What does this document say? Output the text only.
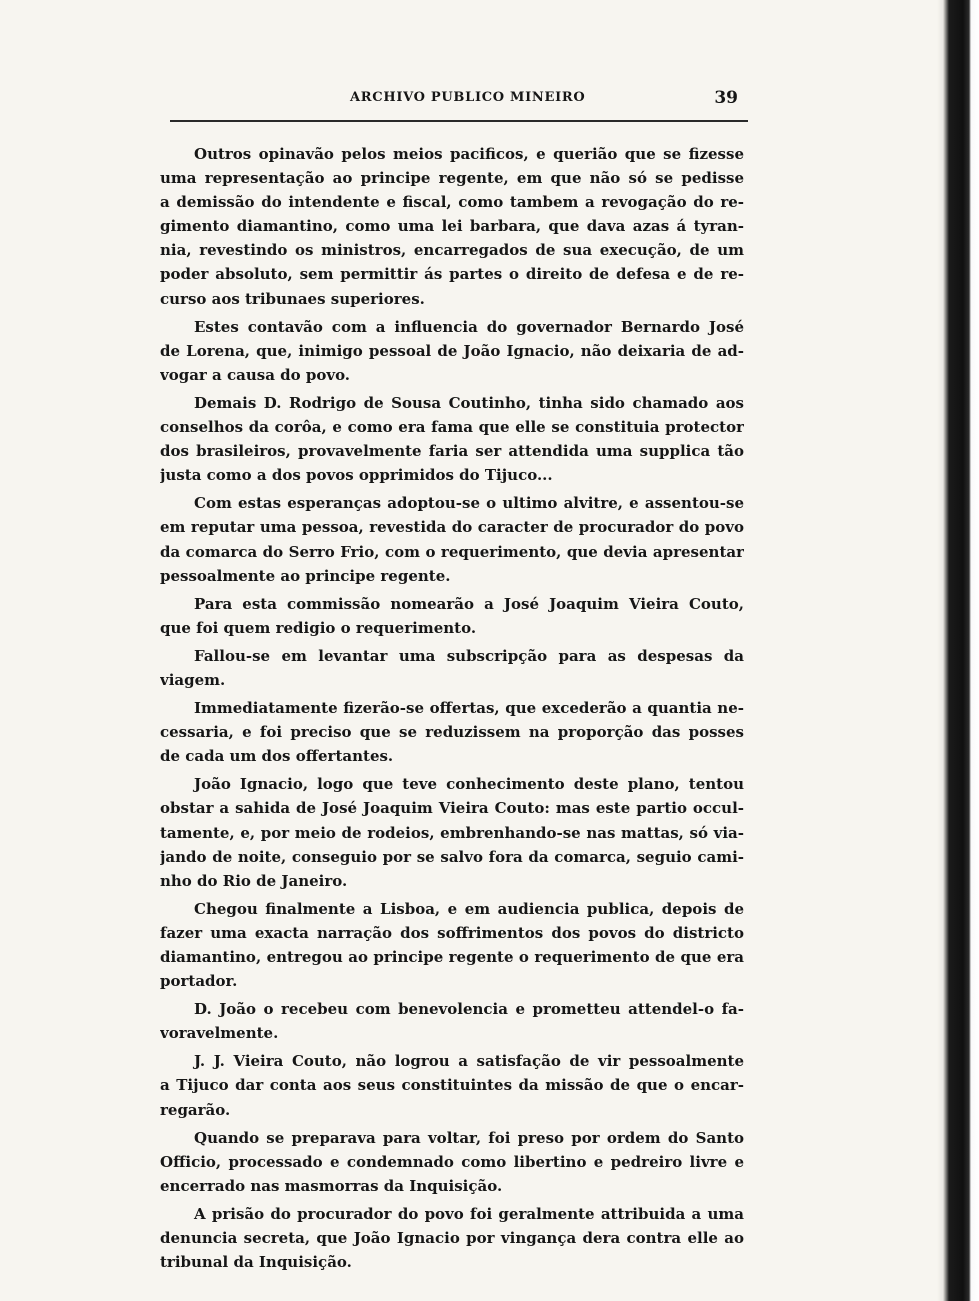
ARCHIVO PUBLICO MINEIRO	39
Outros opinavão pelos meios pacificos, e querião que se fizesse
uma representação ao principe regente, em que não só se pedisse
a demissão do intendente e fiscal, como tambem a revogação do re-
gimento diamantino, como uma lei barbara, que dava azas á tyran-
nia, revestindo os ministros, encarregados de sua execução, de um
poder absoluto, sem permittir ás partes o direito de defesa e de re-
curso aos tribunaes superiores.
Estes contavão com a influencia do governador Bernardo José
de Lorena, que, inimigo pessoal de João Ignacio, não deixaria de ad-
vogar a causa do povo.
Demais D. Rodrigo de Sousa Coutinho, tinha sido chamado aos
conselhos da corôa, e como era fama que elle se constituia protector
dos brasileiros, provavelmente faria ser attendida uma supplica tão
justa como a dos povos opprimidos do Tijuco...
Com estas esperanças adoptou-se o ultimo alvitre, e assentou-se
em reputar uma pessoa, revestida do caracter de procurador do povo
da comarca do Serro Frio, com o requerimento, que devia apresentar
pessoalmente ao principe regente.
Para esta commissão nomearão a José Joaquim Vieira Couto,
que foi quem redigio o requerimento.
Fallou-se em levantar uma subscripção para as despesas da
viagem.
Immediatamente fizerão-se offertas, que excederão a quantia ne-
cessaria, e foi preciso que se reduzissem na proporção das posses
de cada um dos offertantes.
João Ignacio, logo que teve conhecimento deste plano, tentou
obstar a sahida de José Joaquim Vieira Couto: mas este partio occul-
tamente, e, por meio de rodeios, embrenhando-se nas mattas, só via-
jando de noite, conseguio por se salvo fora da comarca, seguio cami-
nho do Rio de Janeiro.
Chegou finalmente a Lisboa, e em audiencia publica, depois de
fazer uma exacta narração dos soffrimentos dos povos do districto
diamantino, entregou ao principe regente o requerimento de que era
portador.
D. João o recebeu com benevolencia e prometteu attendel-o fa-
voravelmente.
J. J. Vieira Couto, não logrou a satisfação de vir pessoalmente
a Tijuco dar conta aos seus constituintes da missão de que o encar-
regarão.
Quando se preparava para voltar, foi preso por ordem do Santo
Officio, processado e condemnado como libertino e pedreiro livre e
encerrado nas masmorras da Inquisição.
A prisão do procurador do povo foi geralmente attribuida a uma
denuncia secreta, que João Ignacio por vingança dera contra elle ao
tribunal da Inquisição.
